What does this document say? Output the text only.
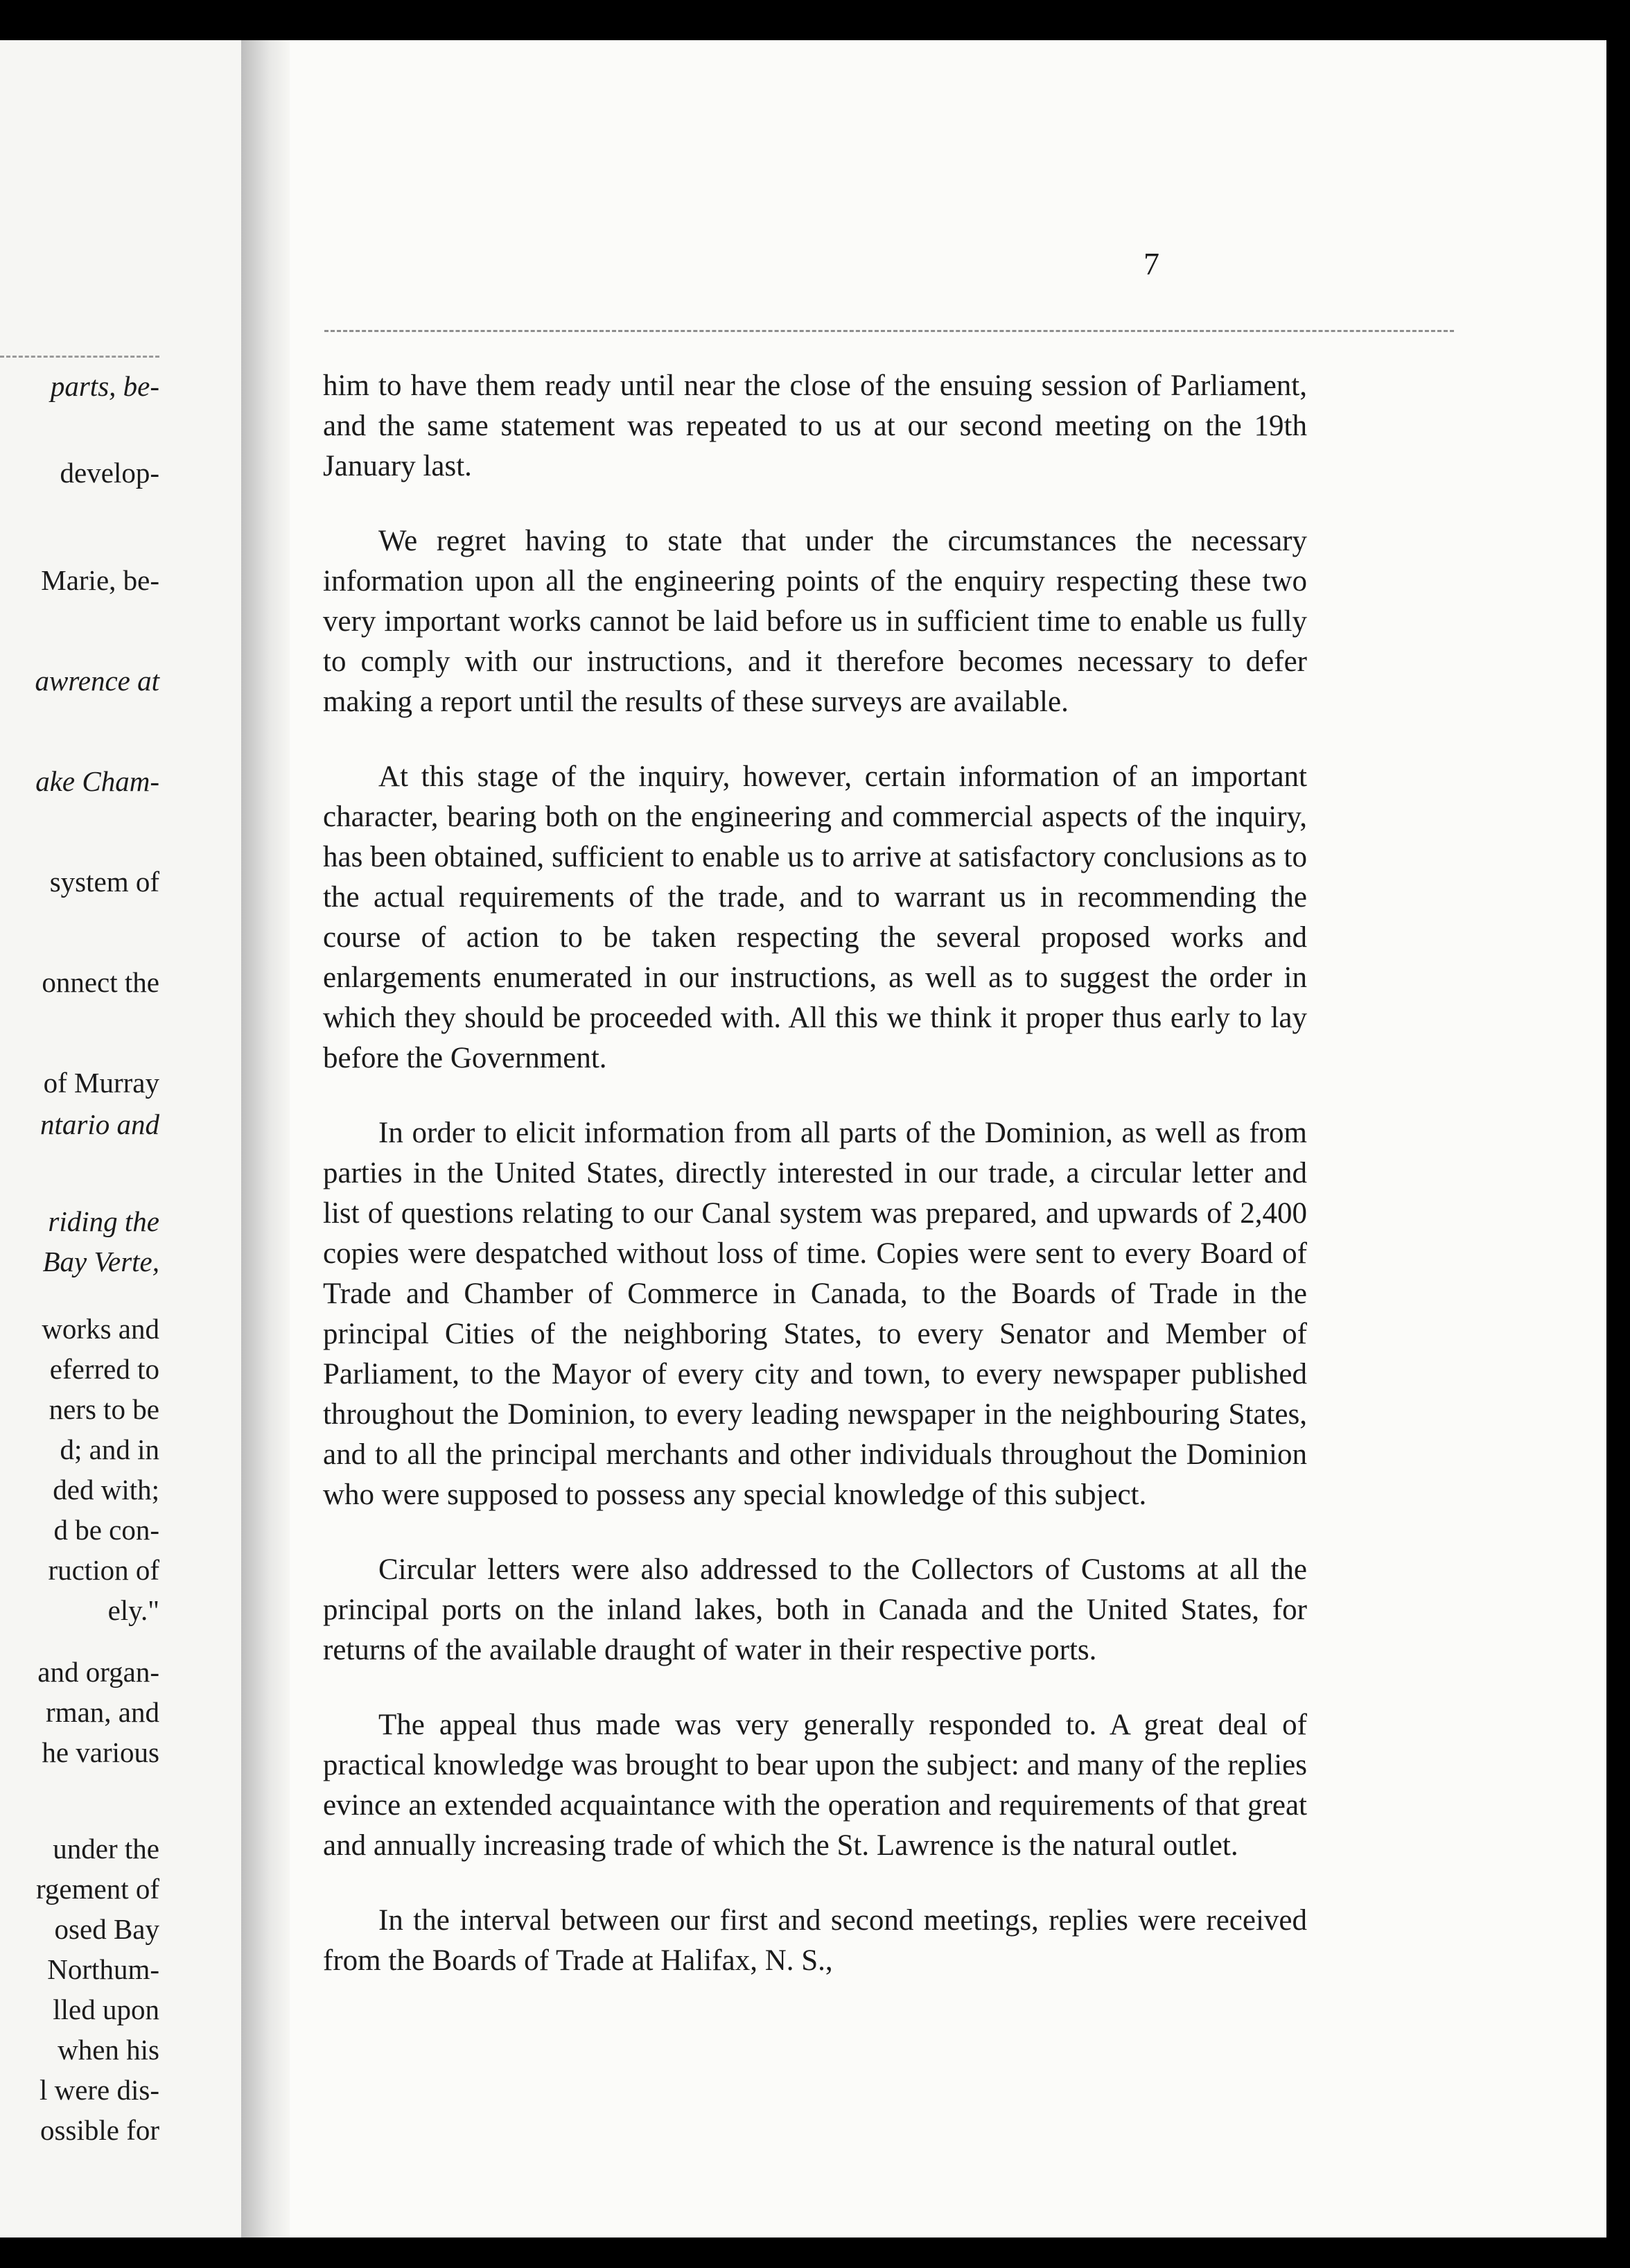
parts, be-
develop-
Marie, be-
awrence at
ake Cham-
system of
onnect the
of Murray
ntario and
riding the
Bay Verte,
works and
eferred to
ners to be
d; and in
ded with;
d be con-
ruction of
ely."
and organ-
rman, and
he various
under the
rgement of
osed Bay
Northum-
lled upon
when his
l were dis-
ossible for
7

him to have them ready until near the close of the ensuing session of Parliament, and the same statement was repeated to us at our second meeting on the 19th January last.

We regret having to state that under the circumstances the necessary information upon all the engineering points of the enquiry respecting these two very important works cannot be laid before us in sufficient time to enable us fully to comply with our instructions, and it therefore becomes necessary to defer making a report until the results of these surveys are available.

At this stage of the inquiry, however, certain information of an important character, bearing both on the engineering and commercial aspects of the inquiry, has been obtained, sufficient to enable us to arrive at satisfactory conclusions as to the actual requirements of the trade, and to warrant us in recommending the course of action to be taken respecting the several proposed works and enlargements enumerated in our instructions, as well as to suggest the order in which they should be proceeded with. All this we think it proper thus early to lay before the Government.

In order to elicit information from all parts of the Dominion, as well as from parties in the United States, directly interested in our trade, a circular letter and list of questions relating to our Canal system was prepared, and upwards of 2,400 copies were despatched without loss of time. Copies were sent to every Board of Trade and Chamber of Commerce in Canada, to the Boards of Trade in the principal Cities of the neighboring States, to every Senator and Member of Parliament, to the Mayor of every city and town, to every newspaper published throughout the Dominion, to every leading newspaper in the neighbouring States, and to all the principal merchants and other individuals throughout the Dominion who were supposed to possess any special knowledge of this subject.

Circular letters were also addressed to the Collectors of Customs at all the principal ports on the inland lakes, both in Canada and the United States, for returns of the available draught of water in their respective ports.

The appeal thus made was very generally responded to. A great deal of practical knowledge was brought to bear upon the subject: and many of the replies evince an extended acquaintance with the operation and requirements of that great and annually increasing trade of which the St. Lawrence is the natural outlet.

In the interval between our first and second meetings, replies were received from the Boards of Trade at Halifax, N. S.,
